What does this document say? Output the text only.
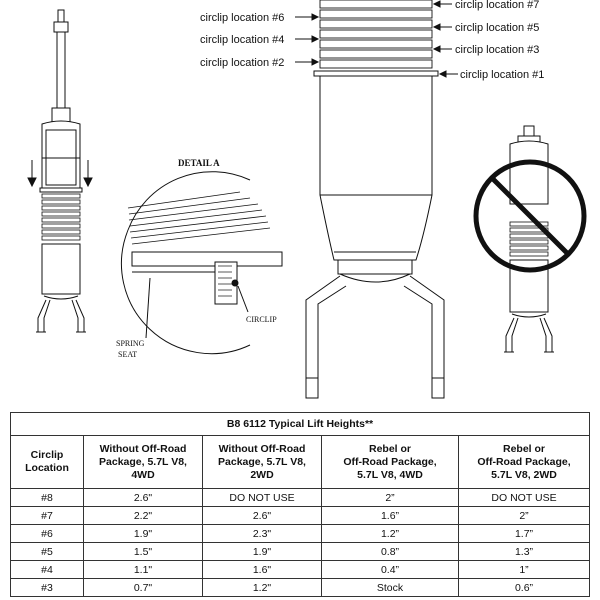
DETAIL A
SPRING
SEAT
CIRCLIP
circlip location #7
circlip location #6
circlip location #5
circlip location #4
circlip location #3
circlip location #2
circlip location #1
B8 6112 Typical Lift Heights**				
Circlip
Location	Without Off-Road
Package, 5.7L V8,
4WD	Without Off-Road
Package, 5.7L V8,
2WD	Rebel or
Off-Road Package,
5.7L V8, 4WD	Rebel or
Off-Road Package,
5.7L V8, 2WD
#8	2.6"	DO NOT USE	2”	DO NOT USE
#7	2.2"	2.6"	1.6”	2”
#6	1.9"	2.3"	1.2”	1.7”
#5	1.5"	1.9"	0.8”	1.3”
#4	1.1"	1.6"	0.4”	1”
#3	0.7"	1.2"	Stock	0.6”
